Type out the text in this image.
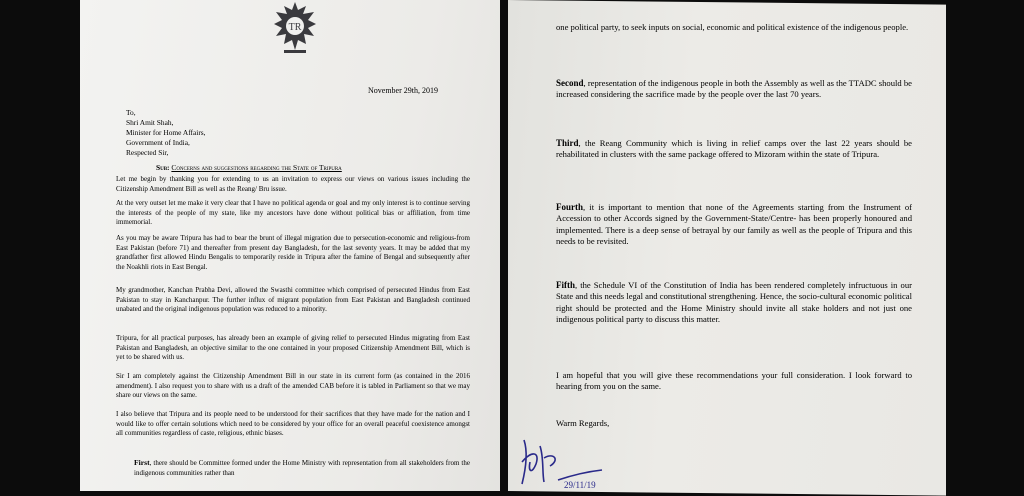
TR
November 29th, 2019
To,
Shri Amit Shah,
Minister for Home Affairs,
Government of India,
Respected Sir,
Sub: Concerns and suggestions regarding the State of Tripura

Let me begin by thanking you for extending to us an invitation to express our views on various issues including the Citizenship Amendment Bill as well as the Reang/ Bru issue.

At the very outset let me make it very clear that I have no political agenda or goal and my only interest is to continue serving the interests of the people of my state, like my ancestors have done without political bias or affiliation, from time immemorial.

As you may be aware Tripura has had to bear the brunt of illegal migration due to persecution-economic and religious-from East Pakistan (before 71) and thereafter from present day Bangladesh, for the last seventy years. It may be added that my grandfather first allowed Hindu Bengalis to temporarily reside in Tripura after the famine of Bengal and subsequently after the Noakhli riots in East Bengal.

My grandmother, Kanchan Prabha Devi, allowed the Swasthi committee which comprised of persecuted Hindus from East Pakistan to stay in Kanchanpur. The further influx of migrant population from East Pakistan and Bangladesh continued unabated and the original indigenous population was reduced to a minority.

Tripura, for all practical purposes, has already been an example of giving relief to persecuted Hindus migrating from East Pakistan and Bangladesh, an objective similar to the one contained in your proposed Citizenship Amendment Bill, which is yet to be shared with us.

Sir I am completely against the Citizenship Amendment Bill in our state in its current form (as contained in the 2016 amendment). I also request you to share with us a draft of the amended CAB before it is tabled in Parliament so that we may share our views on the same.

I also believe that Tripura and its people need to be understood for their sacrifices that they have made for the nation and I would like to offer certain solutions which need to be considered by your office for an overall peaceful coexistence amongst all communities regardless of caste, religious, ethnic biases.

First, there should be Committee formed under the Home Ministry with representation from all stakeholders from the indigenous communities rather than

one political party, to seek inputs on social, economic and political existence of the indigenous people.

Second, representation of the indigenous people in both the Assembly as well as the TTADC should be increased considering the sacrifice made by the people over the last 70 years.

Third, the Reang Community which is living in relief camps over the last 22 years should be rehabilitated in clusters with the same package offered to Mizoram within the state of Tripura.

Fourth, it is important to mention that none of the Agreements starting from the Instrument of Accession to other Accords signed by the Government-State/Centre- has been properly honoured and implemented. There is a deep sense of betrayal by our family as well as the people of Tripura and this needs to be revisited.

Fifth, the Schedule VI of the Constitution of India has been rendered completely infructuous in our State and this needs legal and constitutional strengthening. Hence, the socio-cultural economic political right should be protected and the Home Ministry should invite all stake holders and not just one indigenous political party to discuss this matter.

I am hopeful that you will give these recommendations your full consideration. I look forward to hearing from you on the same.

Warm Regards,
29/11/19
